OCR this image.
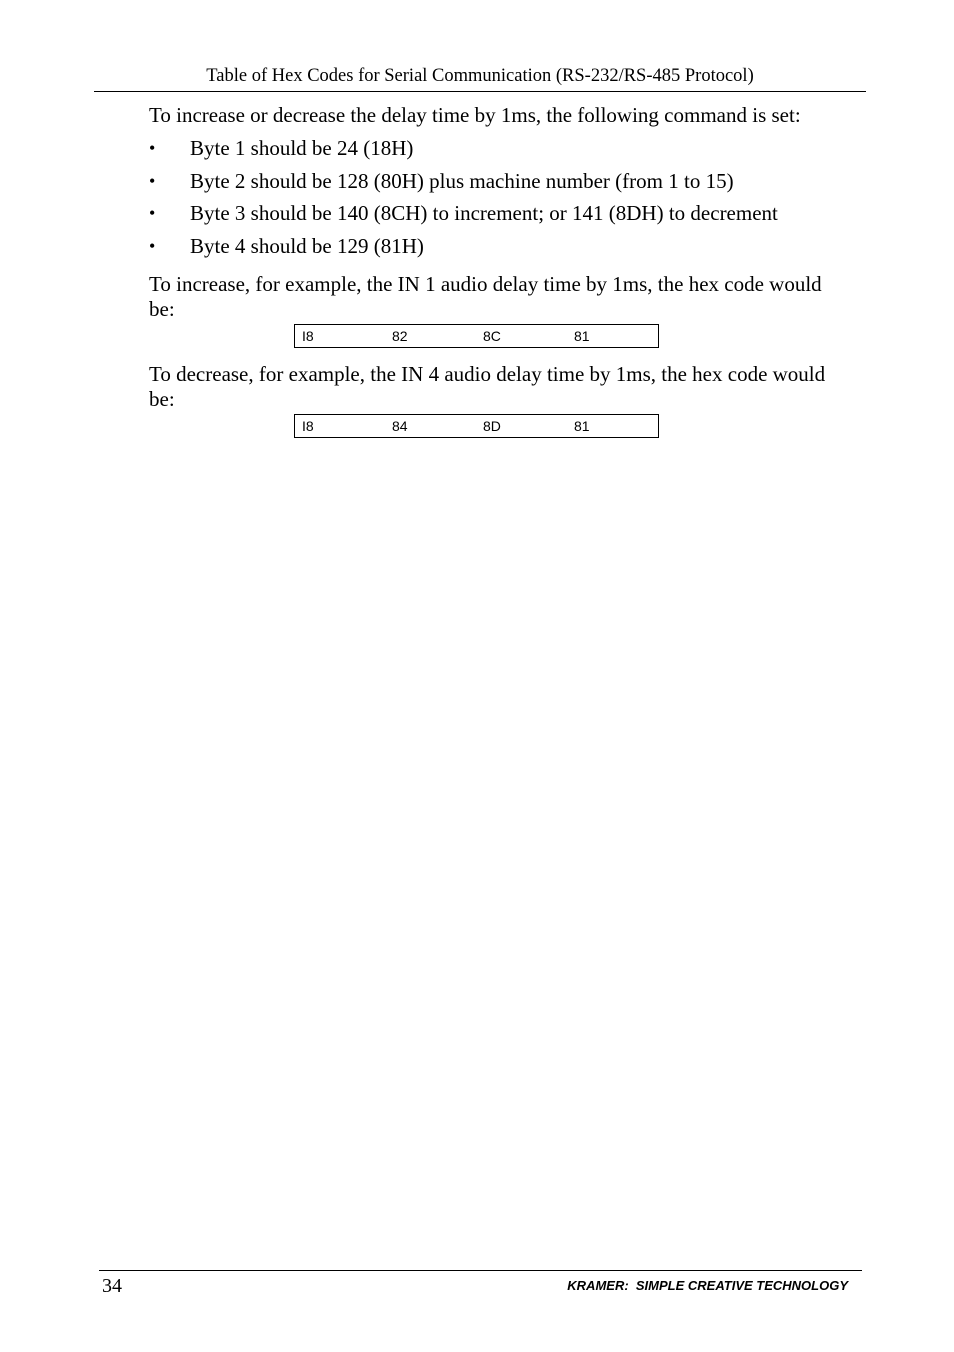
Table of Hex Codes for Serial Communication (RS-232/RS-485 Protocol)
To increase or decrease the delay time by 1ms, the following command is set:
• Byte 1 should be 24 (18H)
• Byte 2 should be 128 (80H) plus machine number (from 1 to 15)
• Byte 3 should be 140 (8CH) to increment; or 141 (8DH) to decrement
• Byte 4 should be 129 (81H)
To increase, for example, the IN 1 audio delay time by 1ms, the hex code would be:
I8	82	8C	81
To decrease, for example, the IN 4 audio delay time by 1ms, the hex code would be:
I8	84	8D	81
34	KRAMER:  SIMPLE CREATIVE TECHNOLOGY
